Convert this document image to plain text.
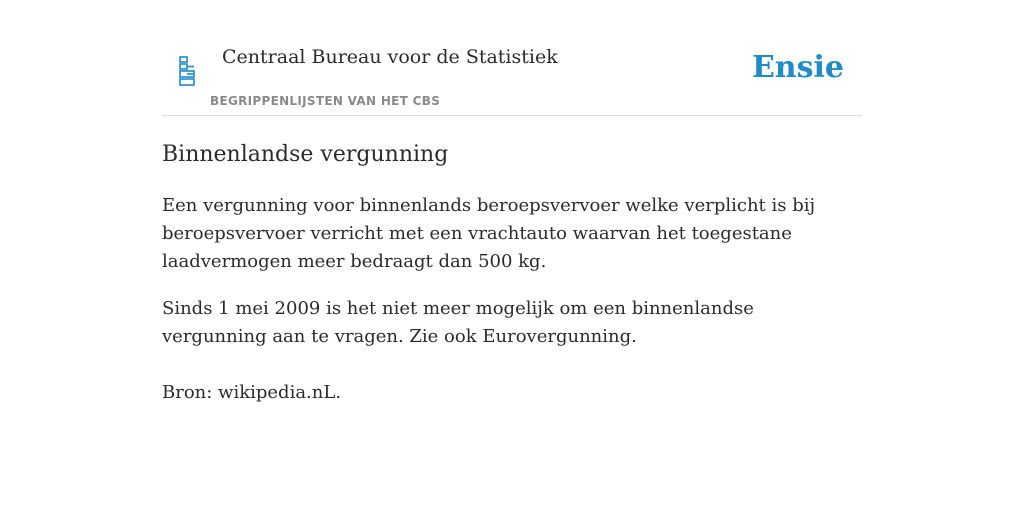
Centraal Bureau voor de Statistiek
BEGRIPPENLIJSTEN VAN HET CBS
Ensie
Binnenlandse vergunning

Een vergunning voor binnenlands beroepsvervoer welke verplicht is bij beroepsvervoer verricht met een vrachtauto waarvan het toegestane laadvermogen meer bedraagt dan 500 kg.

Sinds 1 mei 2009 is het niet meer mogelijk om een binnenlandse vergunning aan te vragen. Zie ook Eurovergunning.

Bron: wikipedia.nL.
